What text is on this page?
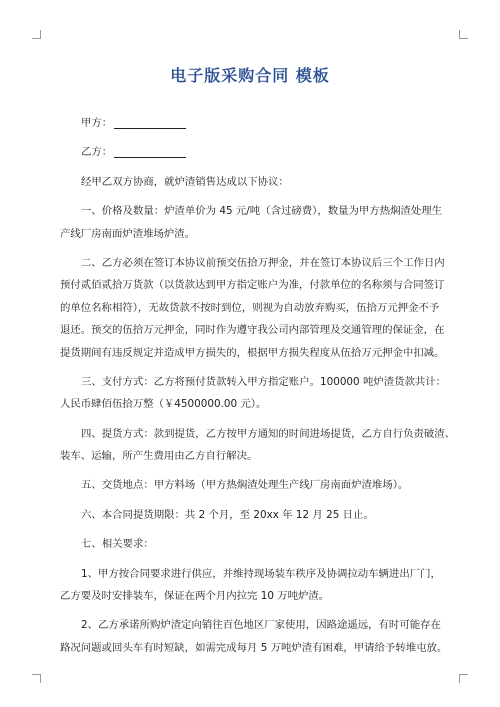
电子版采购合同 模板
甲方：
乙方：
经甲乙双方协商，就炉渣销售达成以下协议：
一、价格及数量：炉渣单价为 45 元/吨（含过磅费），数量为甲方热焖渣处理生
产线厂房南面炉渣堆场炉渣。
二、乙方必须在签订本协议前预交伍拾万押金，并在签订本协议后三个工作日内
预付贰佰贰拾万货款（以货款达到甲方指定账户为准，付款单位的名称须与合同签订
的单位名称相符），无故货款不按时到位，则视为自动放弃购买，伍拾万元押金不予
退还。预交的伍拾万元押金，同时作为遵守我公司内部管理及交通管理的保证金，在
提货期间有违反规定并造成甲方损失的，根据甲方损失程度从伍拾万元押金中扣减。
三、支付方式：乙方将预付货款转入甲方指定账户。100000 吨炉渣货款共计：
人民币肆佰伍拾万整（￥4500000.00 元）。
四、提货方式：款到提货，乙方按甲方通知的时间进场提货，乙方自行负责破渣、
装车、运输，所产生费用由乙方自行解决。
五、交货地点：甲方料场（甲方热焖渣处理生产线厂房南面炉渣堆场）。
六、本合同提货期限：共 2 个月，至 20xx 年 12 月 25 日止。
七、相关要求：
1、甲方按合同要求进行供应，并维持现场装车秩序及协调拉动车辆进出厂门，
乙方要及时安排装车，保证在两个月内拉完 10 万吨炉渣。
2、乙方承诺所购炉渣定向销往百色地区厂家使用，因路途遥远，有时可能存在
路况问题或回头车有时短缺，如需完成每月 5 万吨炉渣有困难，甲请给予转堆屯放。
